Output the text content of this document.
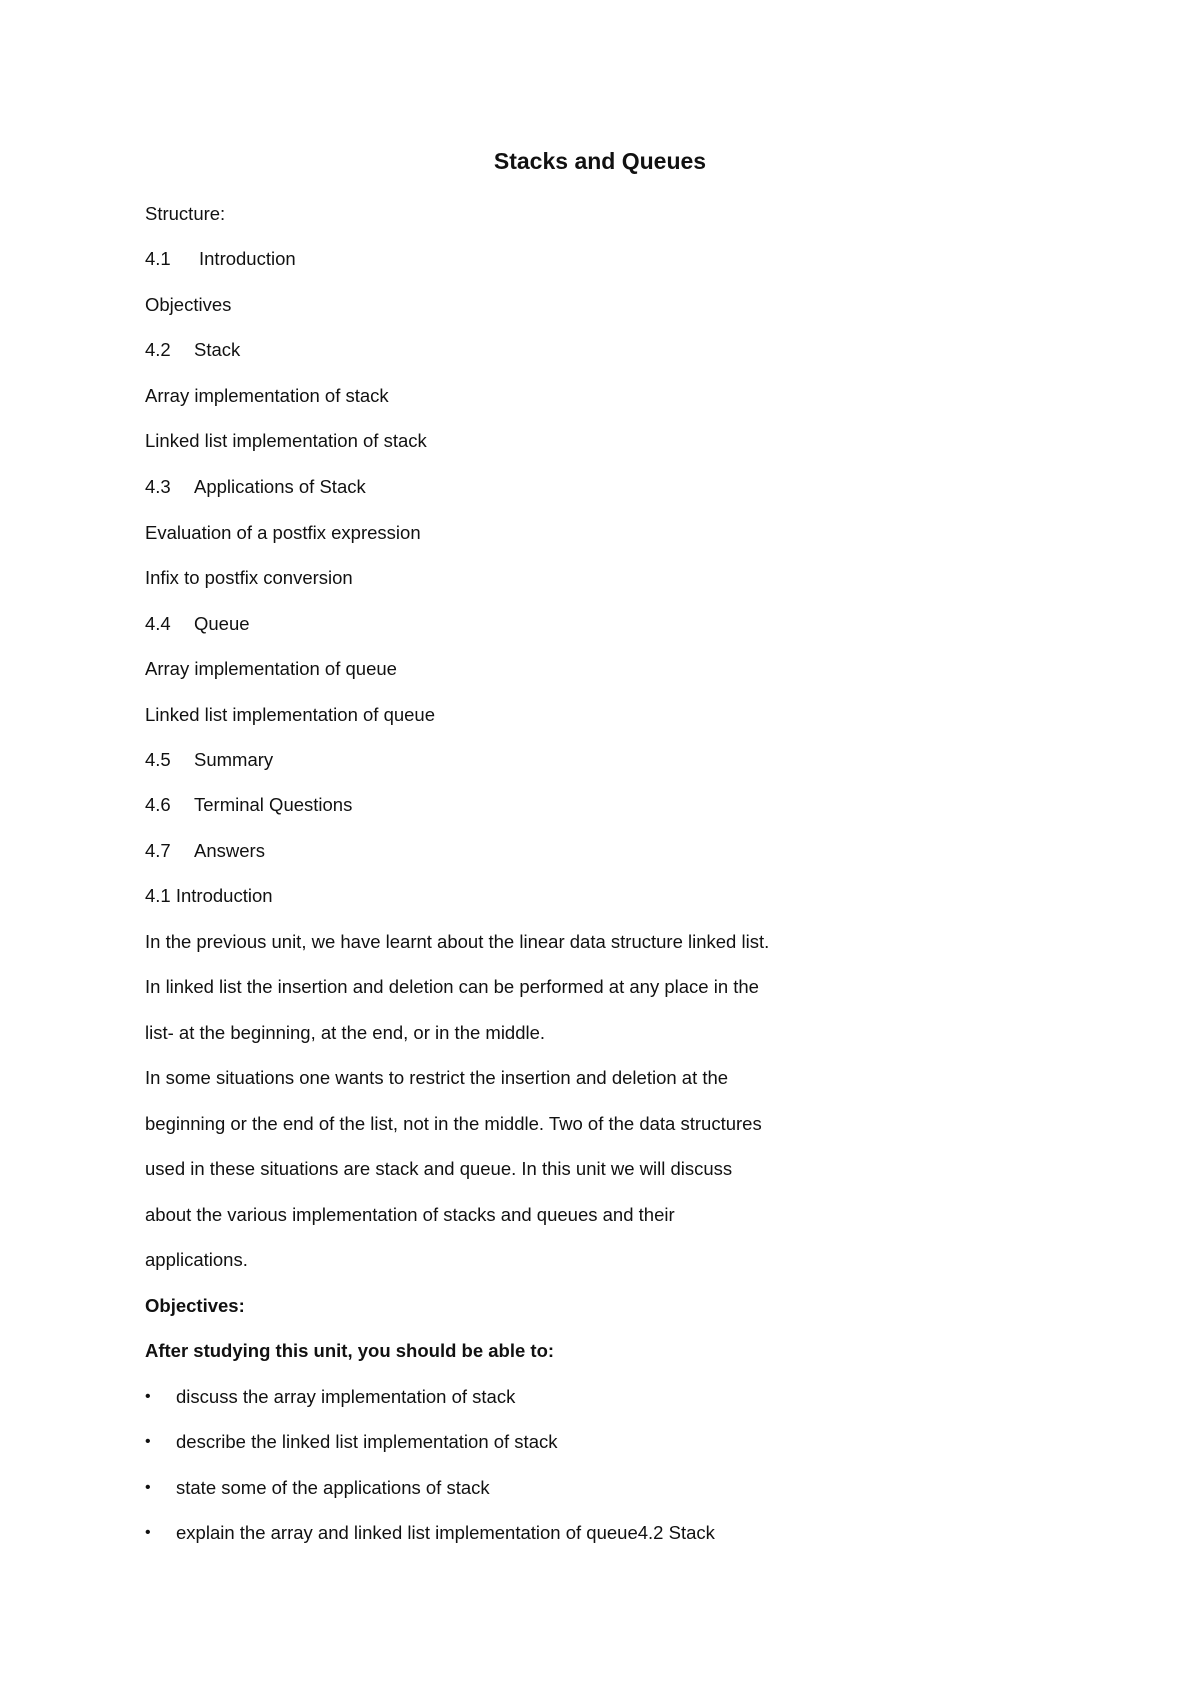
Stacks and Queues
Structure:
4.1 Introduction
Objectives
4.2 Stack
Array implementation of stack
Linked list implementation of stack
4.3 Applications of Stack
Evaluation of a postfix expression
Infix to postfix conversion
4.4 Queue
Array implementation of queue
Linked list implementation of queue
4.5 Summary
4.6 Terminal Questions
4.7 Answers
4.1 Introduction
In the previous unit, we have learnt about the linear data structure linked list.
In linked list the insertion and deletion can be performed at any place in the
list- at the beginning, at the end, or in the middle.
In some situations one wants to restrict the insertion and deletion at the
beginning or the end of the list, not in the middle. Two of the data structures
used in these situations are stack and queue. In this unit we will discuss
about the various implementation of stacks and queues and their
applications.
Objectives:
After studying this unit, you should be able to:
• discuss the array implementation of stack
• describe the linked list implementation of stack
• state some of the applications of stack
• explain the array and linked list implementation of queue4.2 Stack
